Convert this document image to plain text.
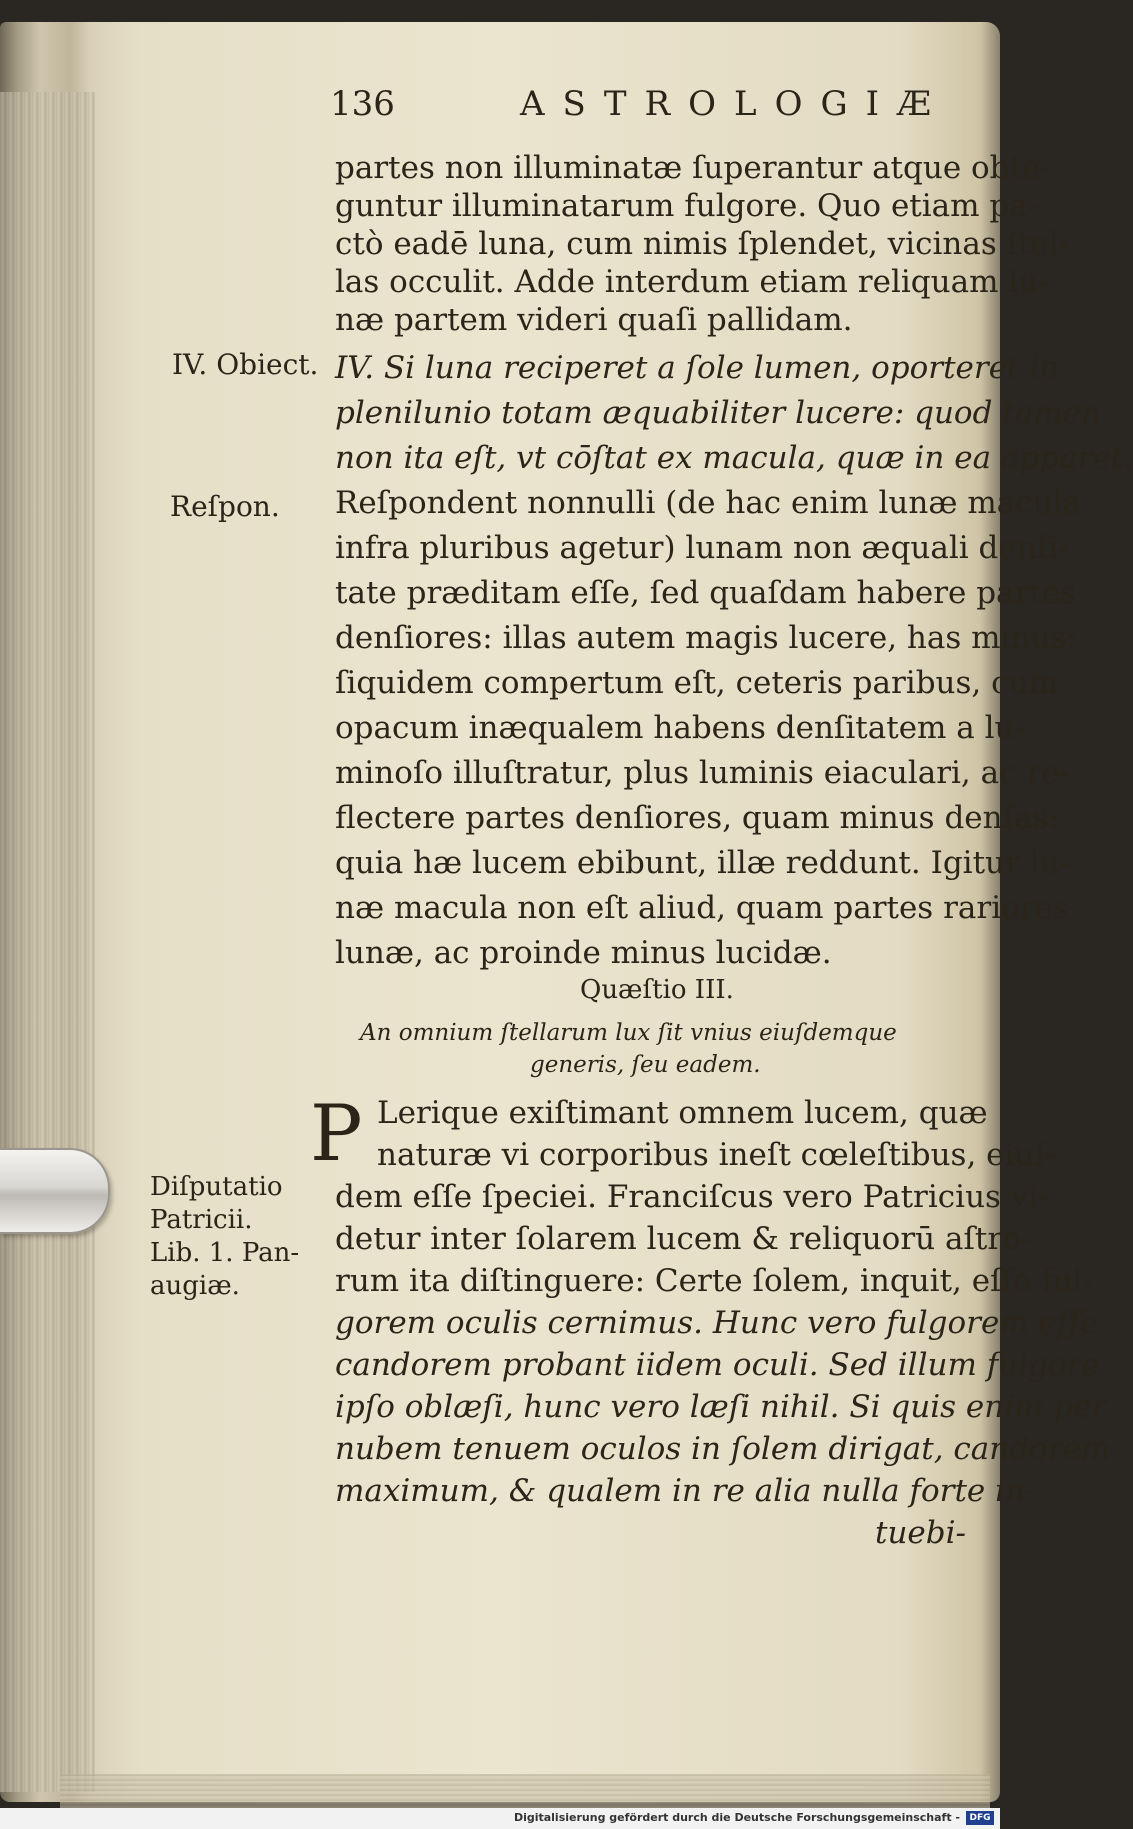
136	ASTROLOGIÆ
partes non illuminatæ ſuperantur atque obte-
guntur illuminatarum fulgore. Quo etiam pa-
ctò eadē luna, cum nimis ſplendet, vicinas ſtel-
las occulit. Adde interdum etiam reliquam lu-
næ partem videri quaſi pallidam.
IV. Si luna reciperet a ſole lumen, oporteret in
plenilunio totam æquabiliter lucere: quod tamen
non ita eſt, vt cōſtat ex macula, quæ in ea apparet.
Reſpondent nonnulli (de hac enim lunæ macula
infra pluribus agetur) lunam non æquali denſi-
tate præditam eſſe, ſed quaſdam habere partes
denſiores: illas autem magis lucere, has minus:
ſiquidem compertum eſt, ceteris paribus, cum
opacum inæqualem habens denſitatem a lu-
minoſo illuſtratur, plus luminis eiaculari, ac re-
flectere partes denſiores, quam minus denſas:
quia hæ lucem ebibunt, illæ reddunt. Igitur lu-
næ macula non eſt aliud, quam partes rariores
lunæ, ac proinde minus lucidæ.
Quæſtio III.
An omnium ſtellarum lux ſit vnius eiuſdemque
generis, ſeu eadem.
P Lerique exiſtimant omnem lucem, quæ
naturæ vi corporibus ineſt cœleſtibus, eiuſ-
dem eſſe ſpeciei. Franciſcus vero Patricius vi-
detur inter ſolarem lucem & reliquorū aſtro-
rum ita diſtinguere: Certe ſolem, inquit, eſſe ful-
gorem oculis cernimus. Hunc vero fulgorem eſſe
candorem probant iidem oculi. Sed illum fulgore
ipſo oblæſi, hunc vero læſi nihil. Si quis enim per
nubem tenuem oculos in ſolem dirigat, candorem
maximum, & qualem in re alia nulla forte in-
tuebi-
IV. Obiect.
Reſpon.
Diſputatio
Patricii.
Lib. 1. Pan-
augiæ.
Digitalisierung gefördert durch die Deutsche Forschungsgemeinschaft -	DFG
